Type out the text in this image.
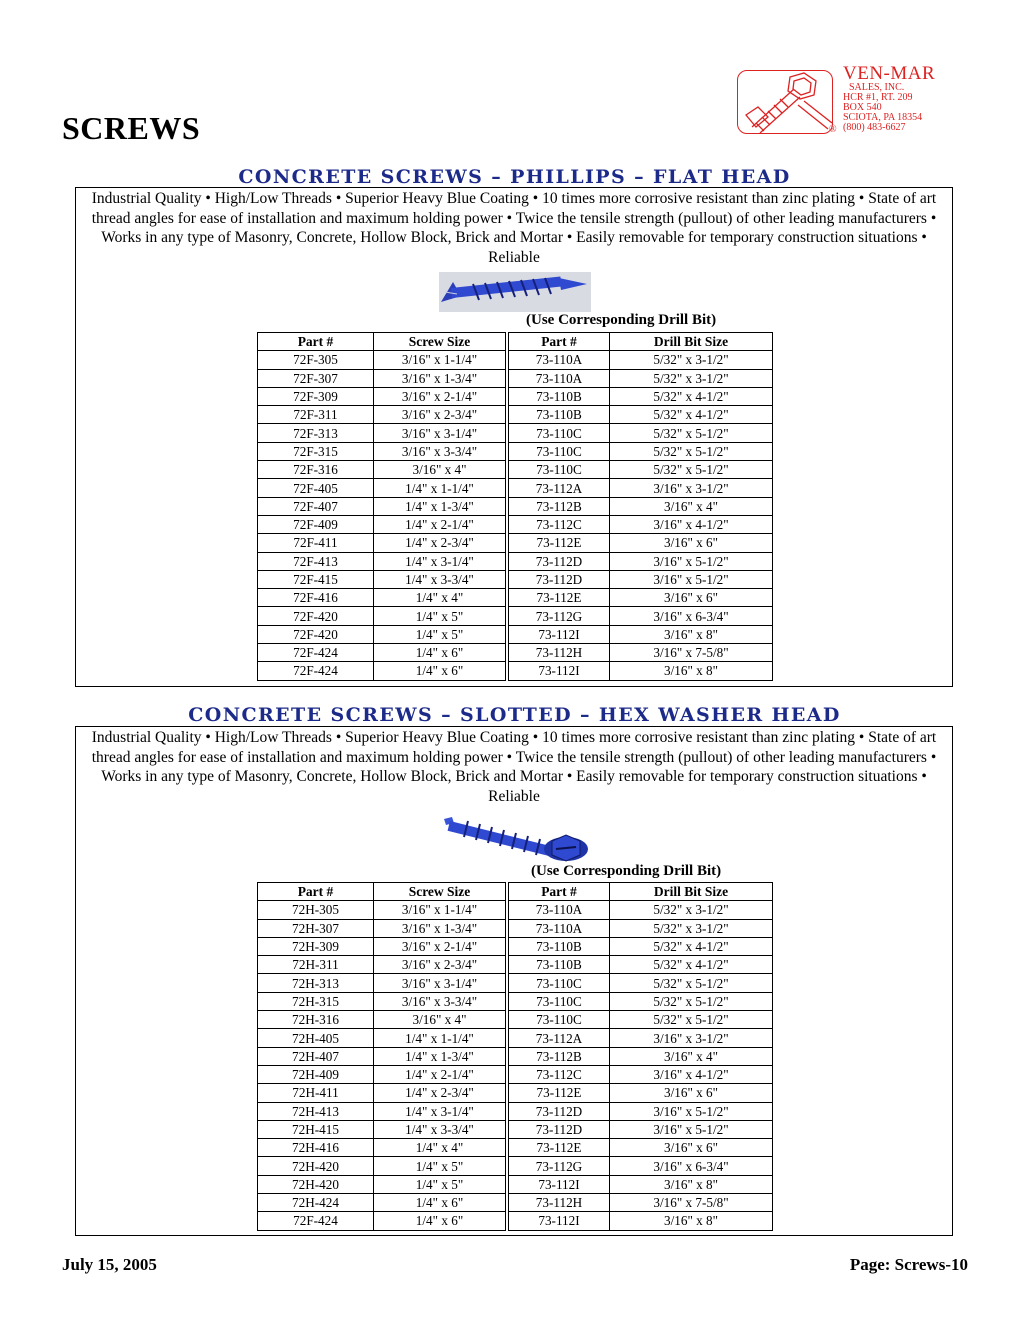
SCREWS
VEN-MAR
SALES, INC.
HCR #1, RT. 209
BOX 540
SCIOTA, PA 18354
(800) 483-6627
®
CONCRETE SCREWS – PHILLIPS – FLAT HEAD
Industrial Quality • High/Low Threads • Superior Heavy Blue Coating • 10 times more corrosive resistant than zinc plating • State of art thread angles for ease of installation and maximum holding power • Twice the tensile strength (pullout) of other leading manufacturers • Works in any type of Masonry, Concrete, Hollow Block, Brick and Mortar • Easily removable for temporary construction situations • Reliable
(Use Corresponding Drill Bit)
Part #	Screw Size	Part #	Drill Bit Size
72F-305	3/16" x 1-1/4"	73-110A	5/32" x 3-1/2"
72F-307	3/16" x 1-3/4"	73-110A	5/32" x 3-1/2"
72F-309	3/16" x 2-1/4"	73-110B	5/32" x 4-1/2"
72F-311	3/16" x 2-3/4"	73-110B	5/32" x 4-1/2"
72F-313	3/16" x 3-1/4"	73-110C	5/32" x 5-1/2"
72F-315	3/16" x 3-3/4"	73-110C	5/32" x 5-1/2"
72F-316	3/16" x 4"	73-110C	5/32" x 5-1/2"
72F-405	1/4" x 1-1/4"	73-112A	3/16" x 3-1/2"
72F-407	1/4" x 1-3/4"	73-112B	3/16" x 4"
72F-409	1/4" x 2-1/4"	73-112C	3/16" x 4-1/2"
72F-411	1/4" x 2-3/4"	73-112E	3/16" x 6"
72F-413	1/4" x 3-1/4"	73-112D	3/16" x 5-1/2"
72F-415	1/4" x 3-3/4"	73-112D	3/16" x 5-1/2"
72F-416	1/4" x 4"	73-112E	3/16" x 6"
72F-420	1/4" x 5"	73-112G	3/16" x 6-3/4"
72F-420	1/4" x 5"	73-112I	3/16" x 8"
72F-424	1/4" x 6"	73-112H	3/16" x 7-5/8"
72F-424	1/4" x 6"	73-112I	3/16" x 8"
CONCRETE SCREWS – SLOTTED – HEX WASHER HEAD
Industrial Quality • High/Low Threads • Superior Heavy Blue Coating • 10 times more corrosive resistant than zinc plating • State of art thread angles for ease of installation and maximum holding power • Twice the tensile strength (pullout) of other leading manufacturers • Works in any type of Masonry, Concrete, Hollow Block, Brick and Mortar • Easily removable for temporary construction situations • Reliable
(Use Corresponding Drill Bit)
Part #	Screw Size	Part #	Drill Bit Size
72H-305	3/16" x 1-1/4"	73-110A	5/32" x 3-1/2"
72H-307	3/16" x 1-3/4"	73-110A	5/32" x 3-1/2"
72H-309	3/16" x 2-1/4"	73-110B	5/32" x 4-1/2"
72H-311	3/16" x 2-3/4"	73-110B	5/32" x 4-1/2"
72H-313	3/16" x 3-1/4"	73-110C	5/32" x 5-1/2"
72H-315	3/16" x 3-3/4"	73-110C	5/32" x 5-1/2"
72H-316	3/16" x 4"	73-110C	5/32" x 5-1/2"
72H-405	1/4" x 1-1/4"	73-112A	3/16" x 3-1/2"
72H-407	1/4" x 1-3/4"	73-112B	3/16" x 4"
72H-409	1/4" x 2-1/4"	73-112C	3/16" x 4-1/2"
72H-411	1/4" x 2-3/4"	73-112E	3/16" x 6"
72H-413	1/4" x 3-1/4"	73-112D	3/16" x 5-1/2"
72H-415	1/4" x 3-3/4"	73-112D	3/16" x 5-1/2"
72H-416	1/4" x 4"	73-112E	3/16" x 6"
72H-420	1/4" x 5"	73-112G	3/16" x 6-3/4"
72H-420	1/4" x 5"	73-112I	3/16" x 8"
72H-424	1/4" x 6"	73-112H	3/16" x 7-5/8"
72F-424	1/4" x 6"	73-112I	3/16" x 8"
July 15, 2005	Page: Screws-10
